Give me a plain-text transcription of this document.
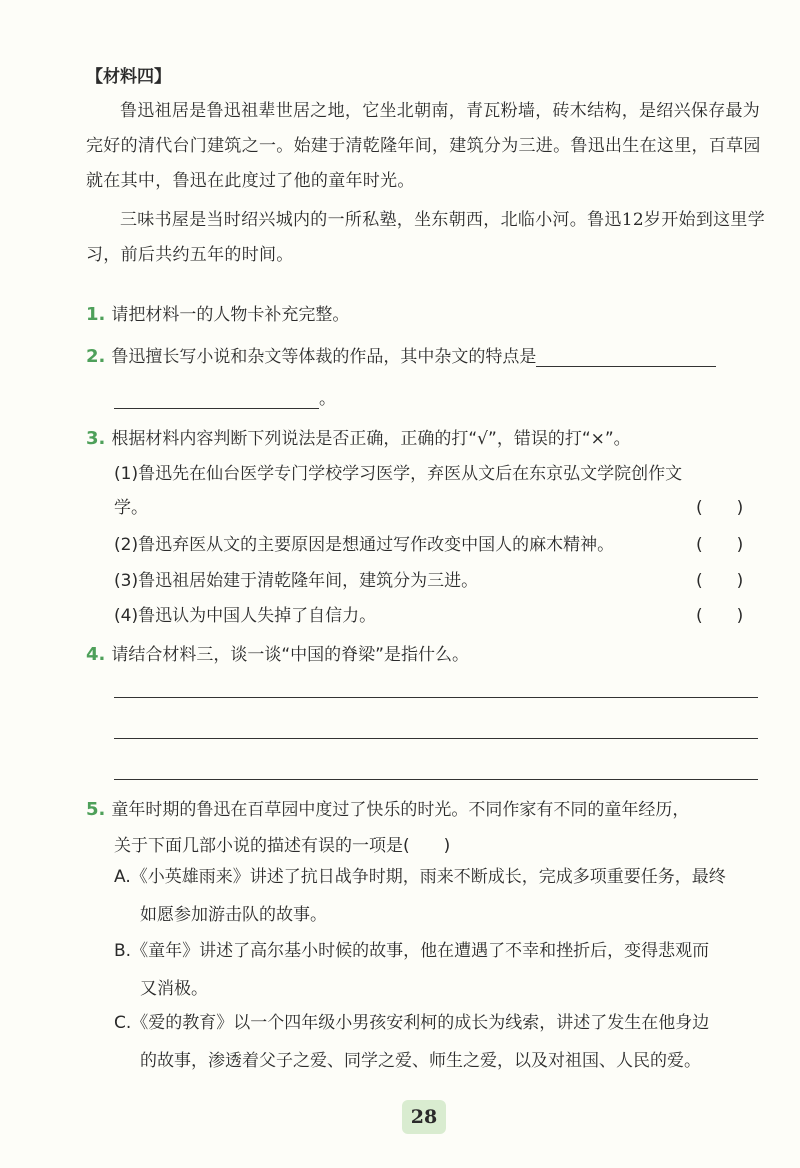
【材料四】
鲁迅祖居是鲁迅祖辈世居之地，它坐北朝南，青瓦粉墙，砖木结构，是绍兴保存最为完好的清代台门建筑之一。始建于清乾隆年间，建筑分为三进。鲁迅出生在这里，百草园就在其中，鲁迅在此度过了他的童年时光。
三味书屋是当时绍兴城内的一所私塾，坐东朝西，北临小河。鲁迅12岁开始到这里学习，前后共约五年的时间。
1. 请把材料一的人物卡补充完整。
2. 鲁迅擅长写小说和杂文等体裁的作品，其中杂文的特点是
。
3. 根据材料内容判断下列说法是否正确，正确的打“√”，错误的打“×”。
(1)鲁迅先在仙台医学专门学校学习医学，弃医从文后在东京弘文学院创作文
学。	(　　)
(2)鲁迅弃医从文的主要原因是想通过写作改变中国人的麻木精神。	(　　)
(3)鲁迅祖居始建于清乾隆年间，建筑分为三进。	(　　)
(4)鲁迅认为中国人失掉了自信力。	(　　)
4. 请结合材料三，谈一谈“中国的脊梁”是指什么。
5. 童年时期的鲁迅在百草园中度过了快乐的时光。不同作家有不同的童年经历，
关于下面几部小说的描述有误的一项是(　　)
A.《小英雄雨来》讲述了抗日战争时期，雨来不断成长，完成多项重要任务，最终
如愿参加游击队的故事。
B.《童年》讲述了高尔基小时候的故事，他在遭遇了不幸和挫折后，变得悲观而
又消极。
C.《爱的教育》以一个四年级小男孩安利柯的成长为线索，讲述了发生在他身边
的故事，渗透着父子之爱、同学之爱、师生之爱，以及对祖国、人民的爱。
28
